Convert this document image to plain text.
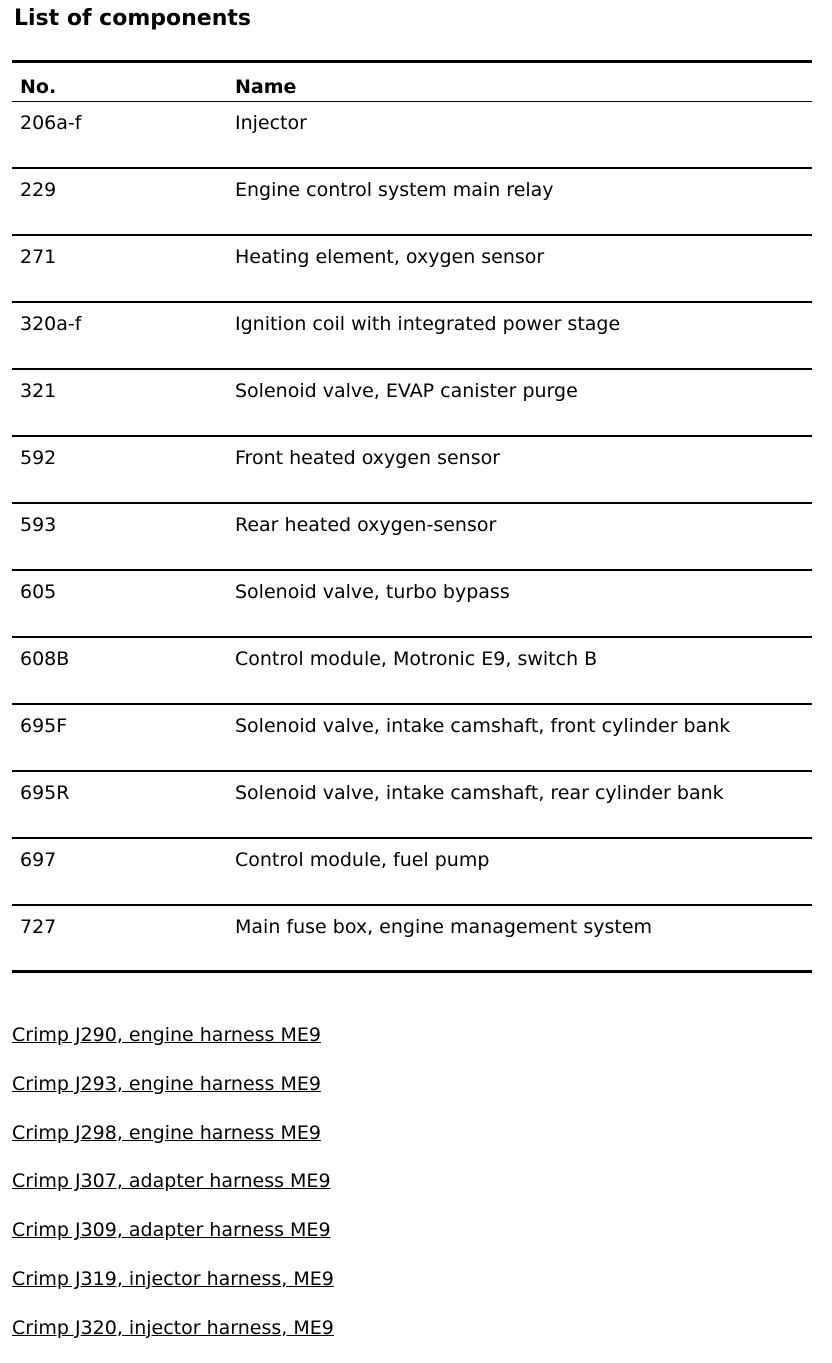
List of components
No.	Name
206a-f	Injector
229	Engine control system main relay
271	Heating element, oxygen sensor
320a-f	Ignition coil with integrated power stage
321	Solenoid valve, EVAP canister purge
592	Front heated oxygen sensor
593	Rear heated oxygen-sensor
605	Solenoid valve, turbo bypass
608B	Control module, Motronic E9, switch B
695F	Solenoid valve, intake camshaft, front cylinder bank
695R	Solenoid valve, intake camshaft, rear cylinder bank
697	Control module, fuel pump
727	Main fuse box, engine management system
Crimp J290, engine harness ME9
Crimp J293, engine harness ME9
Crimp J298, engine harness ME9
Crimp J307, adapter harness ME9
Crimp J309, adapter harness ME9
Crimp J319, injector harness, ME9
Crimp J320, injector harness, ME9
